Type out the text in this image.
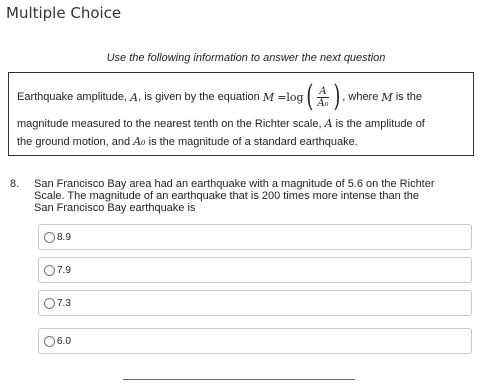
Multiple Choice
Use the following information to answer the next question
Earthquake amplitude,
A , is given by the equation
M
= log ( $\frac{A}{\text{A₀}}$ ) , where
M
is the
magnitude measured to the nearest tenth on the Richter scale, A is the amplitude of
the ground motion, and A₀ is the magnitude of a standard earthquake.
8. San Francisco Bay area had an earthquake with a magnitude of 5.6 on the Richter
Scale. The magnitude of an earthquake that is 200 times more intense than the
San Francisco Bay earthquake is
8.9
7.9
7.3
6.0
